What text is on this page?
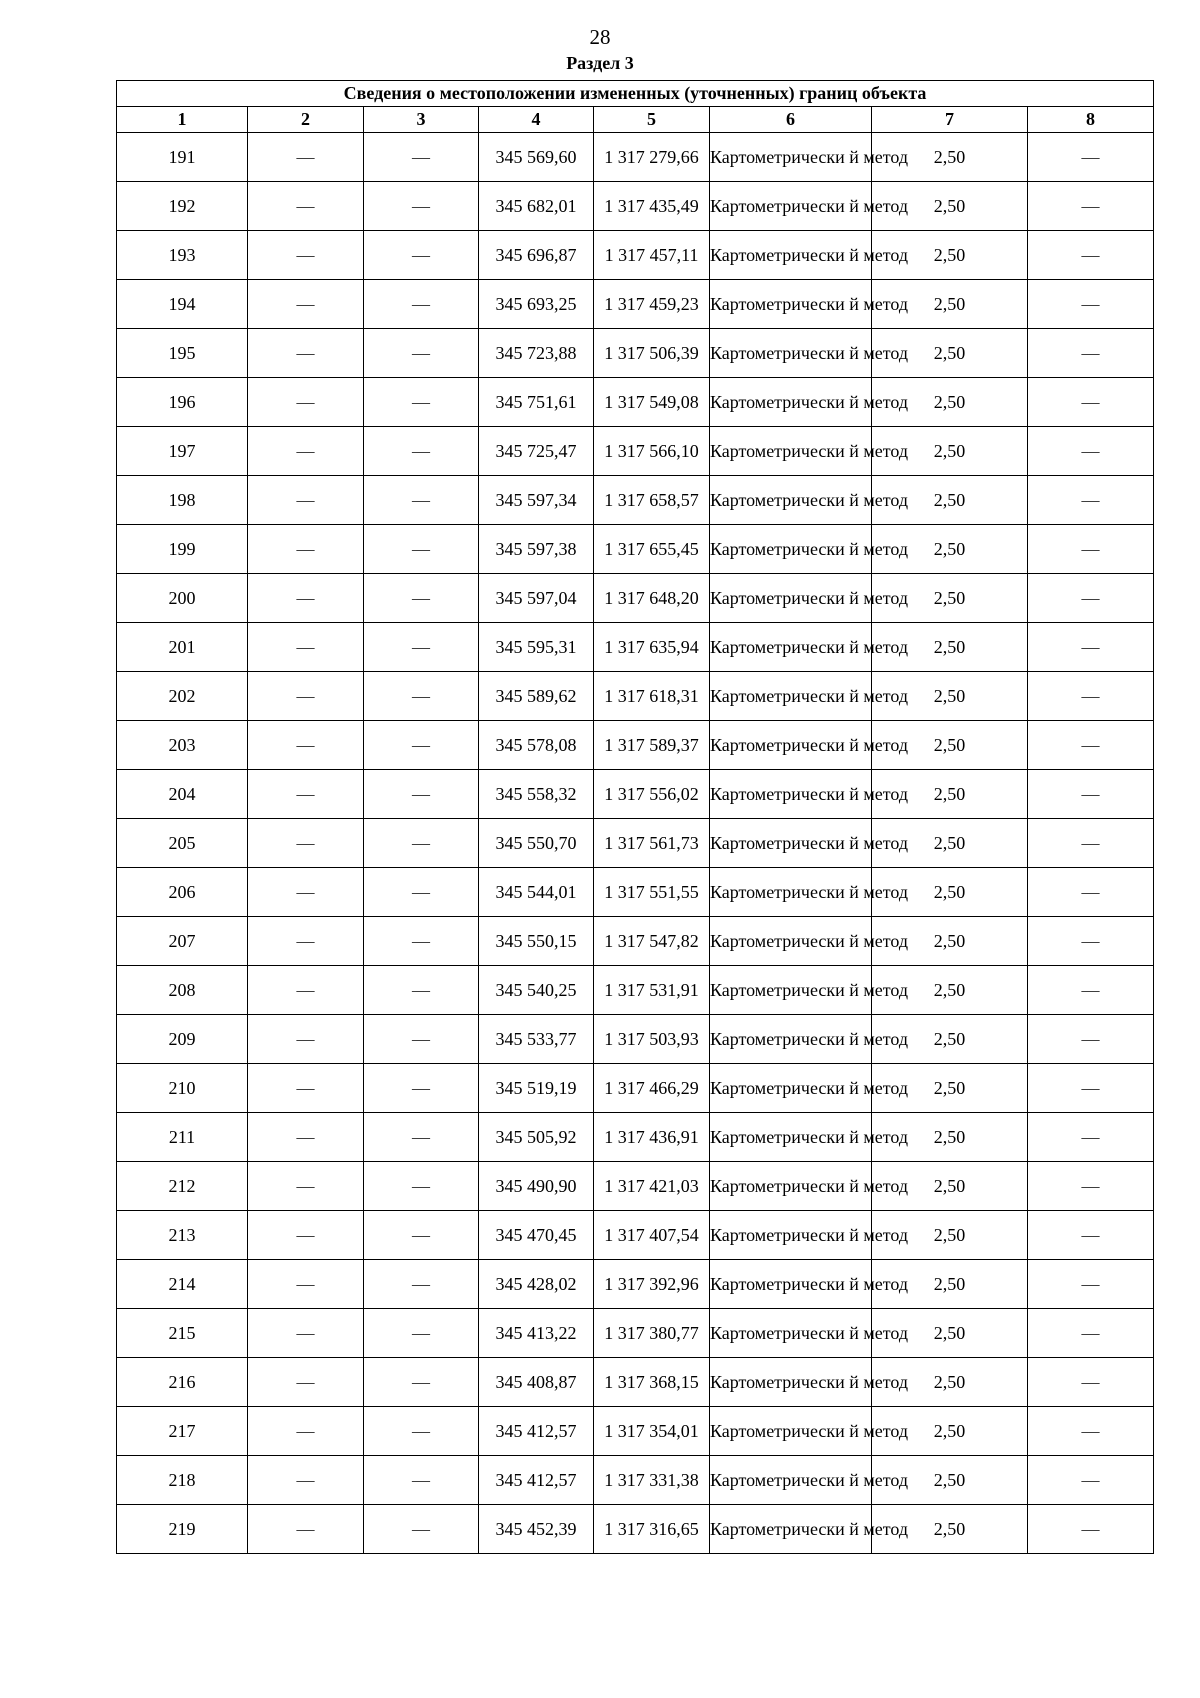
28
Раздел 3
Сведения о местоположении измененных (уточненных) границ объекта							
1	2	3	4	5	6	7	8
191	—	—	345 569,60	1 317 279,66	Картометрически й метод	2,50	—
192	—	—	345 682,01	1 317 435,49	Картометрически й метод	2,50	—
193	—	—	345 696,87	1 317 457,11	Картометрически й метод	2,50	—
194	—	—	345 693,25	1 317 459,23	Картометрически й метод	2,50	—
195	—	—	345 723,88	1 317 506,39	Картометрически й метод	2,50	—
196	—	—	345 751,61	1 317 549,08	Картометрически й метод	2,50	—
197	—	—	345 725,47	1 317 566,10	Картометрически й метод	2,50	—
198	—	—	345 597,34	1 317 658,57	Картометрически й метод	2,50	—
199	—	—	345 597,38	1 317 655,45	Картометрически й метод	2,50	—
200	—	—	345 597,04	1 317 648,20	Картометрически й метод	2,50	—
201	—	—	345 595,31	1 317 635,94	Картометрически й метод	2,50	—
202	—	—	345 589,62	1 317 618,31	Картометрически й метод	2,50	—
203	—	—	345 578,08	1 317 589,37	Картометрически й метод	2,50	—
204	—	—	345 558,32	1 317 556,02	Картометрически й метод	2,50	—
205	—	—	345 550,70	1 317 561,73	Картометрически й метод	2,50	—
206	—	—	345 544,01	1 317 551,55	Картометрически й метод	2,50	—
207	—	—	345 550,15	1 317 547,82	Картометрически й метод	2,50	—
208	—	—	345 540,25	1 317 531,91	Картометрически й метод	2,50	—
209	—	—	345 533,77	1 317 503,93	Картометрически й метод	2,50	—
210	—	—	345 519,19	1 317 466,29	Картометрически й метод	2,50	—
211	—	—	345 505,92	1 317 436,91	Картометрически й метод	2,50	—
212	—	—	345 490,90	1 317 421,03	Картометрически й метод	2,50	—
213	—	—	345 470,45	1 317 407,54	Картометрически й метод	2,50	—
214	—	—	345 428,02	1 317 392,96	Картометрически й метод	2,50	—
215	—	—	345 413,22	1 317 380,77	Картометрически й метод	2,50	—
216	—	—	345 408,87	1 317 368,15	Картометрически й метод	2,50	—
217	—	—	345 412,57	1 317 354,01	Картометрически й метод	2,50	—
218	—	—	345 412,57	1 317 331,38	Картометрически й метод	2,50	—
219	—	—	345 452,39	1 317 316,65	Картометрически й метод	2,50	—
